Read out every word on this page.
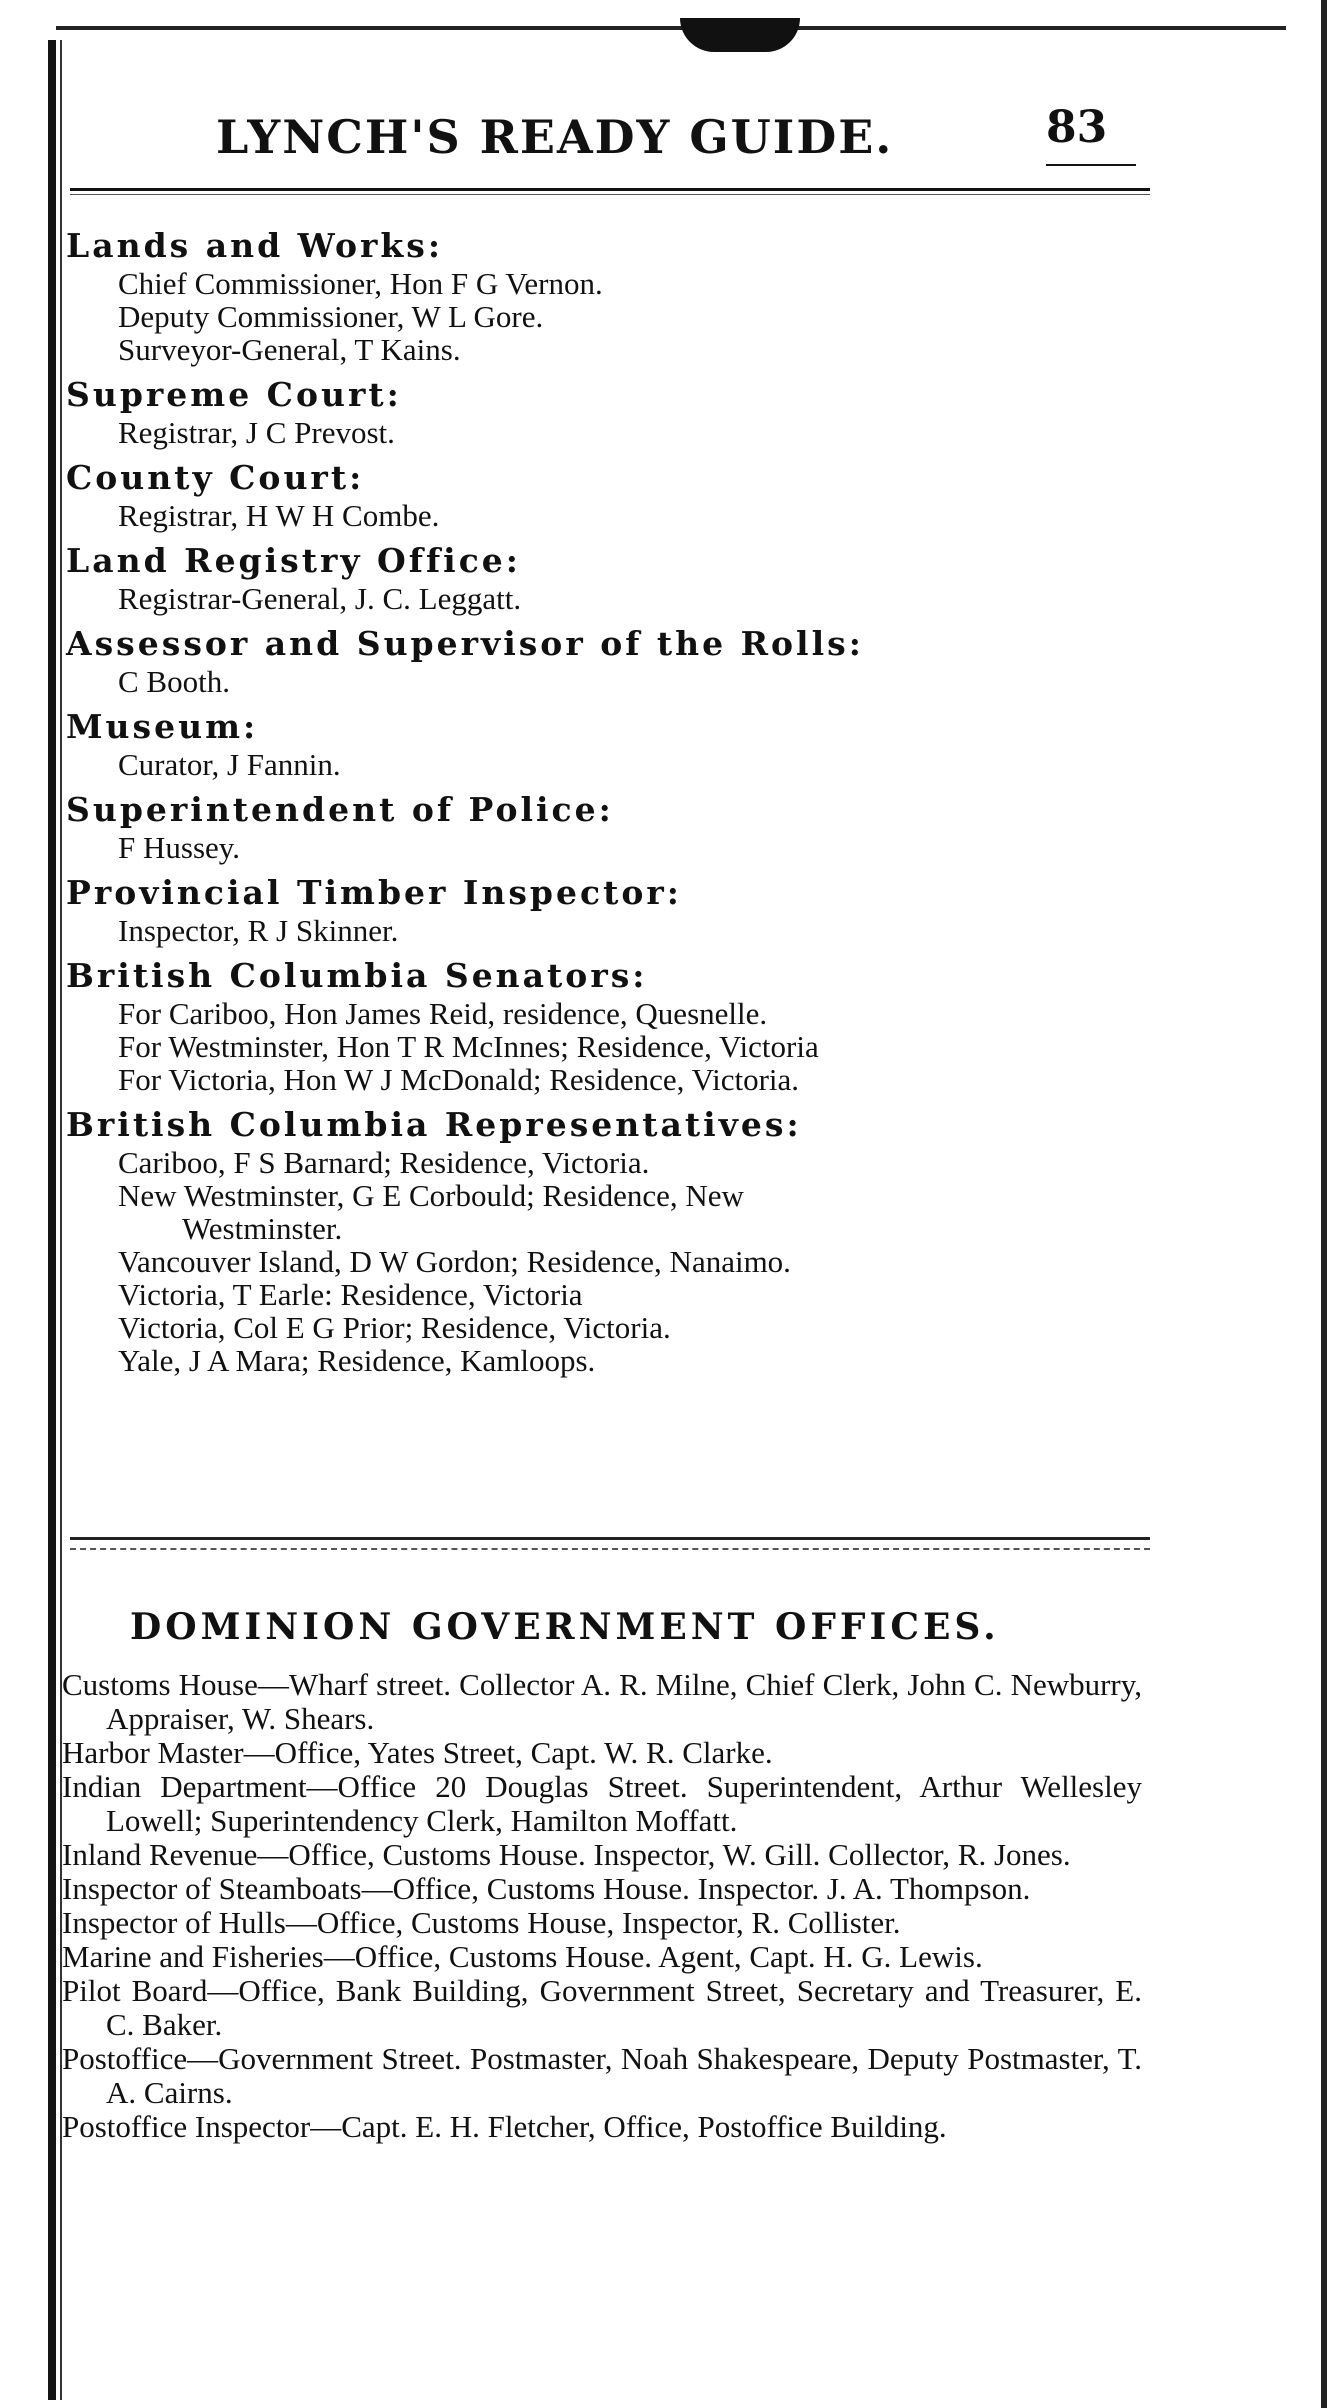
LYNCH'S READY GUIDE.	83

Lands and Works:

Chief Commissioner, Hon F G Vernon.
Deputy Commissioner, W L Gore.
Surveyor-General, T Kains.

Supreme Court:

Registrar, J C Prevost.

County Court:

Registrar, H W H Combe.

Land Registry Office:

Registrar-General, J. C. Leggatt.

Assessor and Supervisor of the Rolls:

C Booth.

Museum:

Curator, J Fannin.

Superintendent of Police:

F Hussey.

Provincial Timber Inspector:

Inspector, R J Skinner.

British Columbia Senators:

For Cariboo, Hon James Reid, residence, Quesnelle.
For Westminster, Hon T R McInnes; Residence, Victoria
For Victoria, Hon W J McDonald; Residence, Victoria.

British Columbia Representatives:

Cariboo, F S Barnard; Residence, Victoria.
New Westminster, G E Corbould; Residence, New
Westminster.
Vancouver Island, D W Gordon; Residence, Nanaimo.
Victoria, T Earle: Residence, Victoria
Victoria, Col E G Prior; Residence, Victoria.
Yale, J A Mara; Residence, Kamloops.
DOMINION GOVERNMENT OFFICES.

Customs House—Wharf street. Collector A. R. Milne, Chief Clerk, John C. Newburry, Appraiser, W. Shears.

Harbor Master—Office, Yates Street, Capt. W. R. Clarke.

Indian Department—Office 20 Douglas Street. Superintendent, Arthur Wellesley Lowell; Superintendency Clerk, Hamilton Moffatt.

Inland Revenue—Office, Customs House. Inspector, W. Gill. Collector, R. Jones.

Inspector of Steamboats—Office, Customs House. Inspector. J. A. Thompson.

Inspector of Hulls—Office, Customs House, Inspector, R. Collister.

Marine and Fisheries—Office, Customs House. Agent, Capt. H. G. Lewis.

Pilot Board—Office, Bank Building, Government Street, Secretary and Treasurer, E. C. Baker.

Postoffice—Government Street. Postmaster, Noah Shakespeare, Deputy Postmaster, T. A. Cairns.

Postoffice Inspector—Capt. E. H. Fletcher, Office, Postoffice Building.
